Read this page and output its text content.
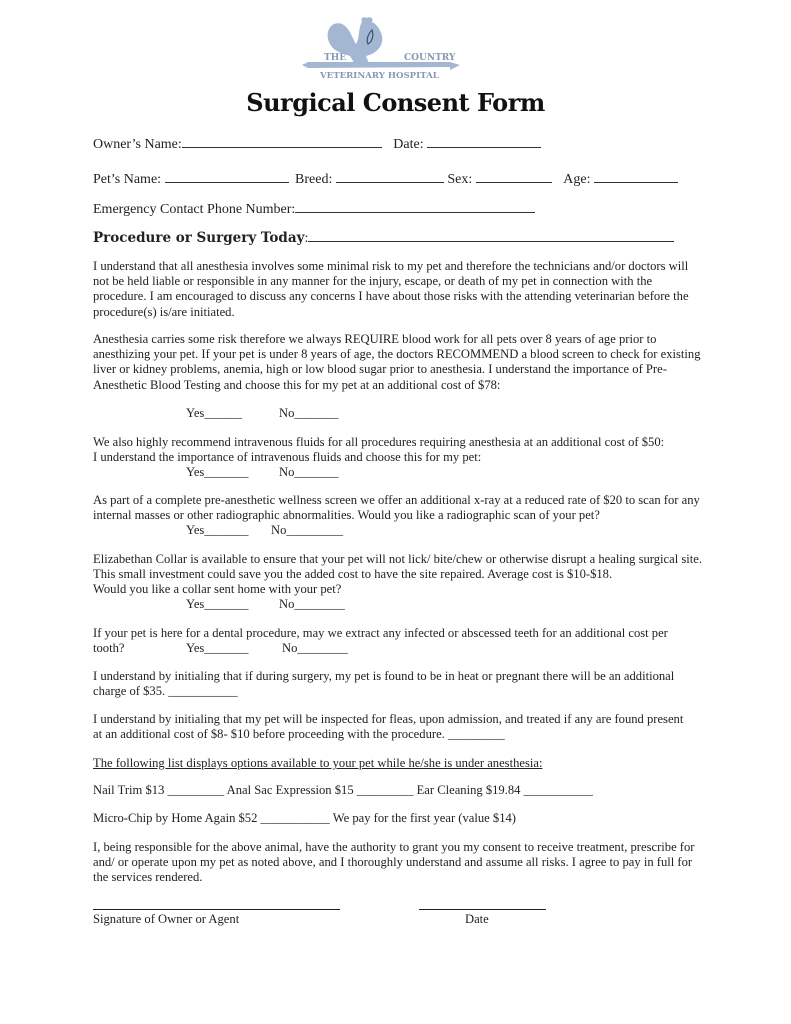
THE	COUNTRY
VETERINARY HOSPITAL
Surgical Consent Form
Owner’s Name:	Date:
Pet’s Name:	Breed:	Sex:	Age:
Emergency Contact Phone Number:
Procedure or Surgery Today:
I understand that all anesthesia involves some minimal risk to my pet and therefore the technicians and/or doctors will not be held liable or responsible in any manner for the injury, escape, or death of my pet in connection with the procedure. I am encouraged to discuss any concerns I have about those risks with the attending veterinarian before the procedure(s) is/are initiated.
Anesthesia carries some risk therefore we always REQUIRE blood work for all pets over 8 years of age prior to anesthizing your pet. If your pet is under 8 years of age, the doctors RECOMMEND a blood screen to check for existing liver or kidney problems, anemia, high or low blood sugar prior to anesthesia. I understand the importance of Pre-Anesthetic Blood Testing and choose this for my pet at an additional cost of $78:
Yes______	No_______
We also highly recommend intravenous fluids for all procedures requiring anesthesia at an additional cost of $50:
I understand the importance of intravenous fluids and choose this for my pet:
Yes_______ No_______
As part of a complete pre-anesthetic wellness screen we offer an additional x-ray at a reduced rate of $20 to scan for any internal masses or other radiographic abnormalities. Would you like a radiographic scan of your pet?
Yes_______ No_________
Elizabethan Collar is available to ensure that your pet will not lick/ bite/chew or otherwise disrupt a healing surgical site. This small investment could save you the added cost to have the site repaired. Average cost is $10-$18.
Would you like a collar sent home with your pet?
Yes_______ No________
If your pet is here for a dental procedure, may we extract any infected or abscessed teeth for an additional cost per
tooth?	Yes_______	No________
I understand by initialing that if during surgery, my pet is found to be in heat or pregnant there will be an additional
charge of $35. ___________
I understand by initialing that my pet will be inspected for fleas, upon admission, and treated if any are found present
at an additional cost of $8- $10 before proceeding with the procedure. _________
The following list displays options available to your pet while he/she is under anesthesia:
Nail Trim $13 _________ Anal Sac Expression $15 _________ Ear Cleaning $19.84 ___________
Micro-Chip by Home Again $52 ___________ We pay for the first year (value $14)
I, being responsible for the above animal, have the authority to grant you my consent to receive treatment, prescribe for and/ or operate upon my pet as noted above, and I thoroughly understand and assume all risks. I agree to pay in full for the services rendered.
Signature of Owner or Agent	Date
